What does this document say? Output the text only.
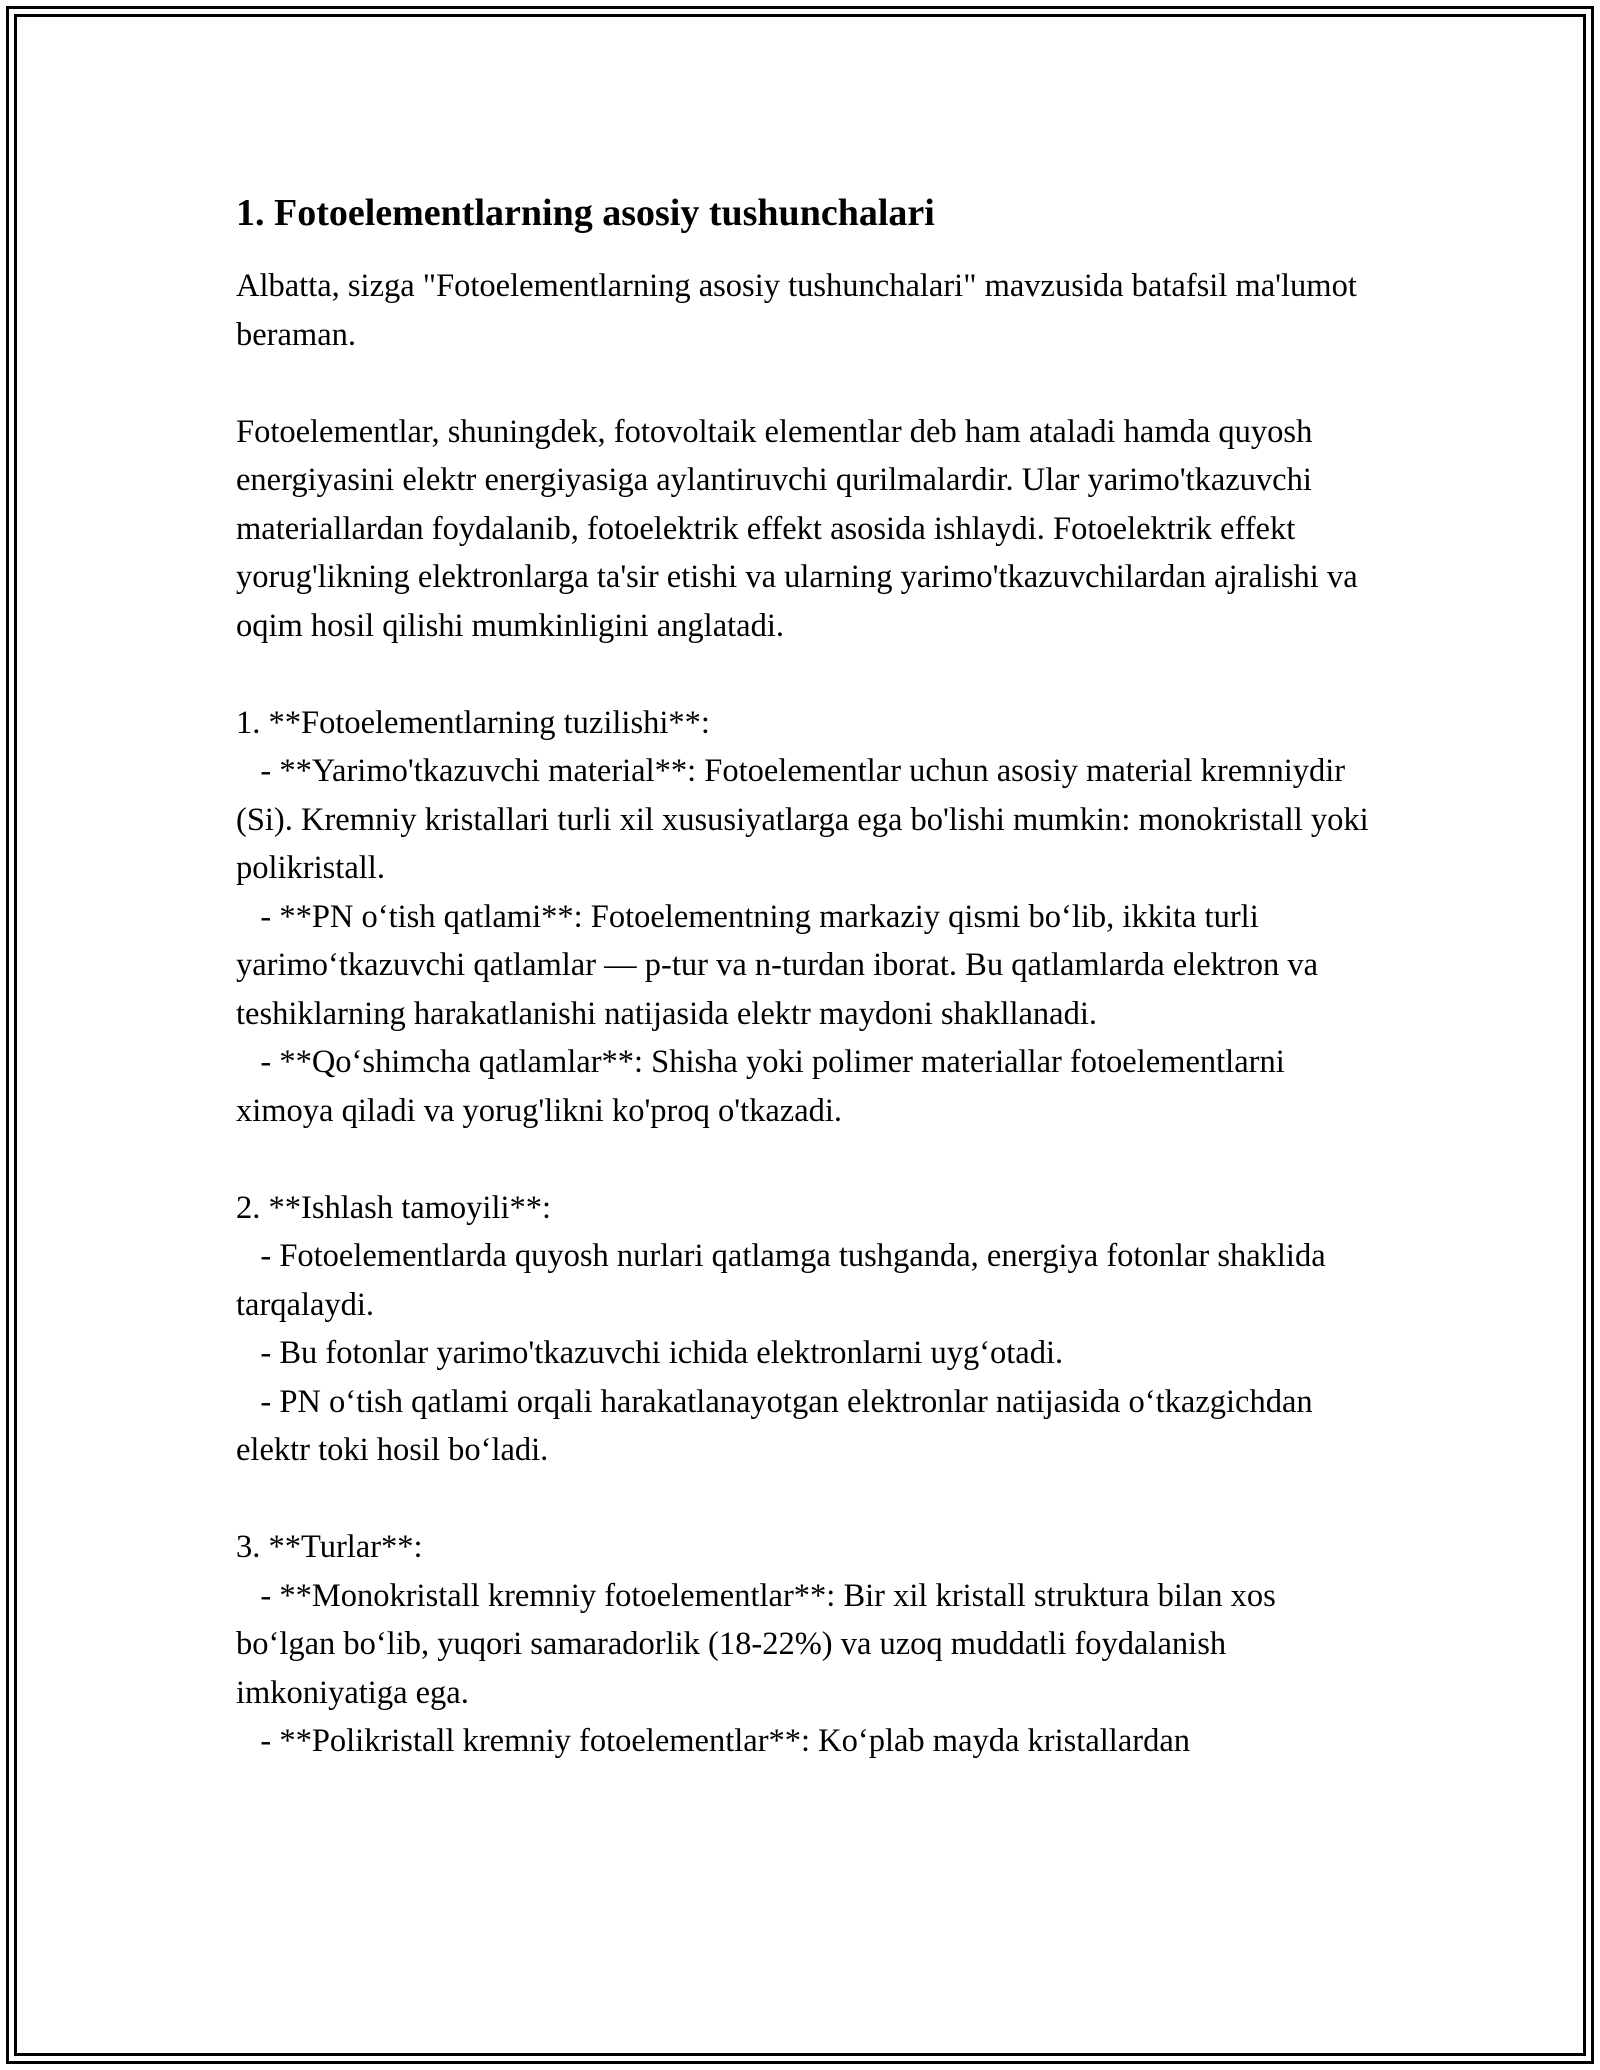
1. Fotoelementlarning asosiy tushunchalari

Albatta, sizga "Fotoelementlarning asosiy tushunchalari" mavzusida batafsil ma'lumot beraman.

Fotoelementlar, shuningdek, fotovoltaik elementlar deb ham ataladi hamda quyosh energiyasini elektr energiyasiga aylantiruvchi qurilmalardir. Ular yarimo'tkazuvchi materiallardan foydalanib, fotoelektrik effekt asosida ishlaydi. Fotoelektrik effekt yorug'likning elektronlarga ta'sir etishi va ularning yarimo'tkazuvchilardan ajralishi va oqim hosil qilishi mumkinligini anglatadi.

1. **Fotoelementlarning tuzilishi**:

- **Yarimo'tkazuvchi material**: Fotoelementlar uchun asosiy material kremniydir (Si). Kremniy kristallari turli xil xususiyatlarga ega bo'lishi mumkin: monokristall yoki polikristall.

- **PN o‘tish qatlami**: Fotoelementning markaziy qismi bo‘lib, ikkita turli yarimo‘tkazuvchi qatlamlar — p-tur va n-turdan iborat. Bu qatlamlarda elektron va teshiklarning harakatlanishi natijasida elektr maydoni shakllanadi.

- **Qo‘shimcha qatlamlar**: Shisha yoki polimer materiallar fotoelementlarni ximoya qiladi va yorug'likni ko'proq o'tkazadi.

2. **Ishlash tamoyili**:

- Fotoelementlarda quyosh nurlari qatlamga tushganda, energiya fotonlar shaklida tarqalaydi.

- Bu fotonlar yarimo'tkazuvchi ichida elektronlarni uyg‘otadi.

- PN o‘tish qatlami orqali harakatlanayotgan elektronlar natijasida o‘tkazgichdan elektr toki hosil bo‘ladi.

3. **Turlar**:

- **Monokristall kremniy fotoelementlar**: Bir xil kristall struktura bilan xos bo‘lgan bo‘lib, yuqori samaradorlik (18-22%) va uzoq muddatli foydalanish imkoniyatiga ega.

- **Polikristall kremniy fotoelementlar**: Ko‘plab mayda kristallardan
